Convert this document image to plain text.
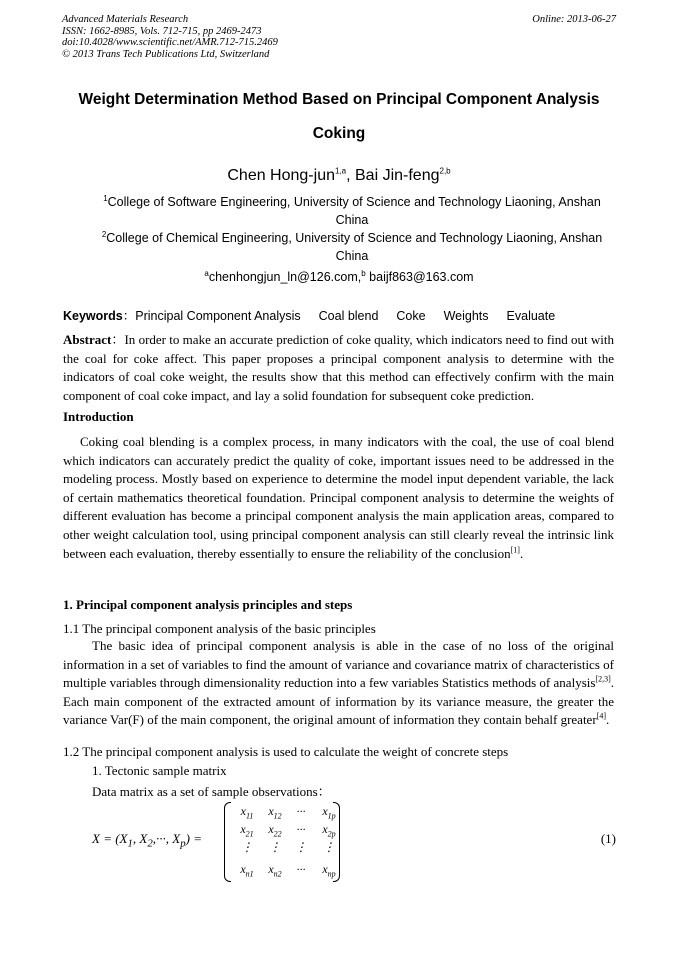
Advanced Materials Research
ISSN: 1662-8985, Vols. 712-715, pp 2469-2473
doi:10.4028/www.scientific.net/AMR.712-715.2469
© 2013 Trans Tech Publications Ltd, Switzerland
Online: 2013-06-27
Weight Determination Method Based on Principal Component Analysis
Coking
Chen Hong-jun$^{1,a}$, Bai Jin-feng$^{2,b}$
$^1$College of Software Engineering, University of Science and Technology Liaoning, Anshan China
$^2$College of Chemical Engineering, University of Science and Technology Liaoning, Anshan China
$^a$chenhongjun_ln@126.com,$^b$ baijf863@163.com
Keywords：Principal Component Analysis Coal blend Coke Weights Evaluate
Abstract：In order to make an accurate prediction of coke quality, which indicators need to find out with the coal for coke affect. This paper proposes a principal component analysis to determine with the indicators of coal coke weight, the results show that this method can effectively confirm with the main component of coal coke impact, and lay a solid foundation for subsequent coke prediction.
Introduction
Coking coal blending is a complex process, in many indicators with the coal, the use of coal blend which indicators can accurately predict the quality of coke, important issues need to be addressed in the modeling process. Mostly based on experience to determine the model input dependent variable, the lack of certain mathematics theoretical foundation. Principal component analysis to determine the weights of different evaluation has become a principal component analysis the main application areas, compared to other weight calculation tool, using principal component analysis can still clearly reveal the intrinsic link between each evaluation, thereby essentially to ensure the reliability of the conclusion[1].
1. Principal component analysis principles and steps
1.1 The principal component analysis of the basic principles
The basic idea of principal component analysis is able in the case of no loss of the original information in a set of variables to find the amount of variance and covariance matrix of characteristics of multiple variables through dimensionality reduction into a few variables Statistics methods of analysis[2,3]. Each main component of the extracted amount of information by its variance measure, the greater the variance Var(F) of the main component, the original amount of information they contain behalf greater[4].
1.2 The principal component analysis is used to calculate the weight of concrete steps
1. Tectonic sample matrix
Data matrix as a set of sample observations：
$X = (X_1$, $X_2,\cdot\cdot\cdot$, $X_p$) =
$x_{11}$	$x_{12}$	···	$x_{1p}$
$x_{21}$	$x_{22}$	···	$x_{2p}$
⋮	⋮	⋮	⋮
$x_{n1}$	$x_{n2}$	···	$x_{np}$
(1)
